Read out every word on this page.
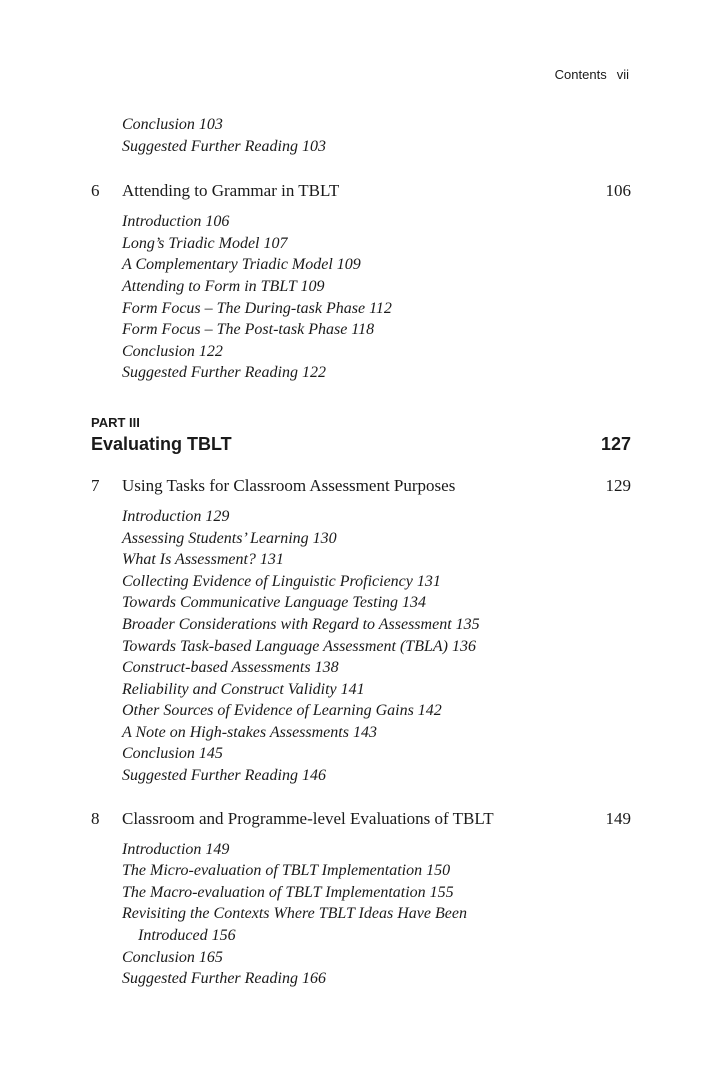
Contents vii
Conclusion 103
Suggested Further Reading 103
6	Attending to Grammar in TBLT	106
Introduction 106
Long’s Triadic Model 107
A Complementary Triadic Model 109
Attending to Form in TBLT 109
Form Focus – The During-task Phase 112
Form Focus – The Post-task Phase 118
Conclusion 122
Suggested Further Reading 122
PART III
Evaluating TBLT	127
7	Using Tasks for Classroom Assessment Purposes	129
Introduction 129
Assessing Students’ Learning 130
What Is Assessment? 131
Collecting Evidence of Linguistic Proficiency 131
Towards Communicative Language Testing 134
Broader Considerations with Regard to Assessment 135
Towards Task-based Language Assessment (TBLA) 136
Construct-based Assessments 138
Reliability and Construct Validity 141
Other Sources of Evidence of Learning Gains 142
A Note on High-stakes Assessments 143
Conclusion 145
Suggested Further Reading 146
8	Classroom and Programme-level Evaluations of TBLT	149
Introduction 149
The Micro-evaluation of TBLT Implementation 150
The Macro-evaluation of TBLT Implementation 155
Revisiting the Contexts Where TBLT Ideas Have Been
Introduced 156
Conclusion 165
Suggested Further Reading 166
